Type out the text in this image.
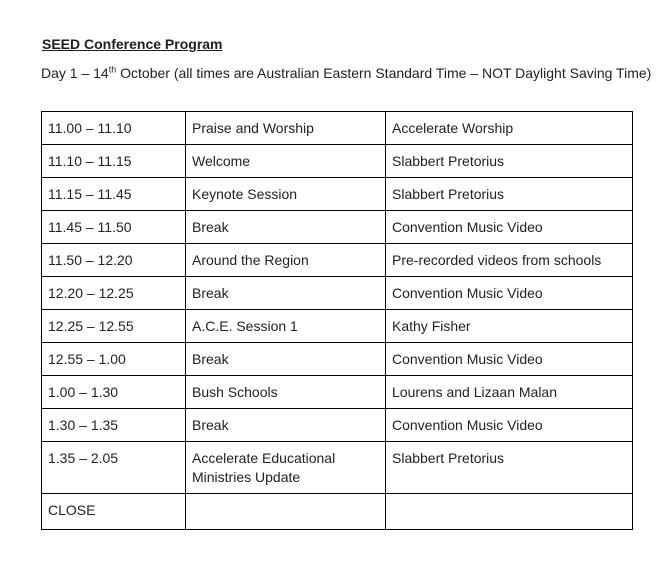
SEED Conference Program
Day 1 – 14th October (all times are Australian Eastern Standard Time – NOT Daylight Saving Time)
11.00 – 11.10	Praise and Worship	Accelerate Worship
11.10 – 11.15	Welcome	Slabbert Pretorius
11.15 – 11.45	Keynote Session	Slabbert Pretorius
11.45 – 11.50	Break	Convention Music Video
11.50 – 12.20	Around the Region	Pre-recorded videos from schools
12.20 – 12.25	Break	Convention Music Video
12.25 – 12.55	A.C.E. Session 1	Kathy Fisher
12.55 – 1.00	Break	Convention Music Video
1.00 – 1.30	Bush Schools	Lourens and Lizaan Malan
1.30 – 1.35	Break	Convention Music Video
1.35 – 2.05	Accelerate Educational Ministries Update	Slabbert Pretorius
CLOSE		
